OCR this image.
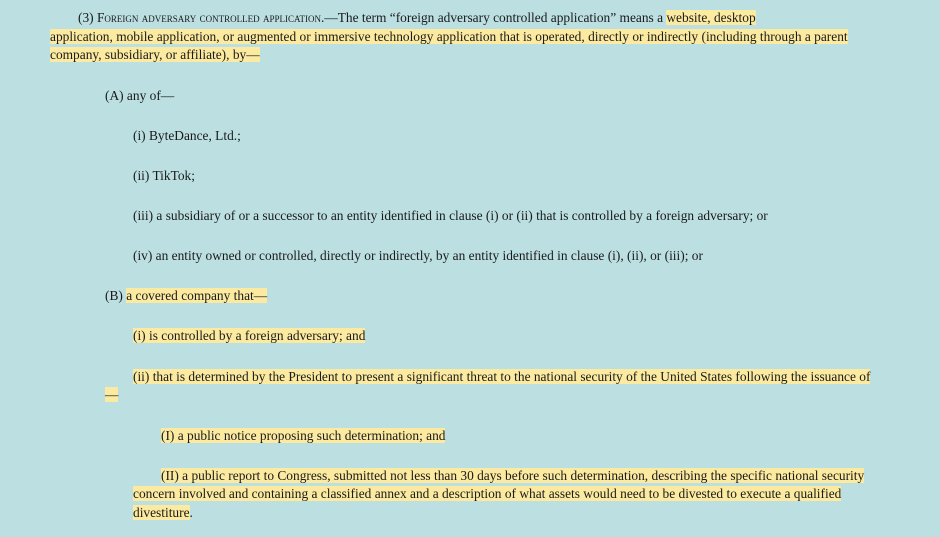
(3) Foreign adversary controlled application.—The term “foreign adversary controlled application” means a website, desktop
application, mobile application, or augmented or immersive technology application that is operated, directly or indirectly (including through a parent
company, subsidiary, or affiliate), by—
(A) any of—
(i) ByteDance, Ltd.;
(ii) TikTok;
(iii) a subsidiary of or a successor to an entity identified in clause (i) or (ii) that is controlled by a foreign adversary; or
(iv) an entity owned or controlled, directly or indirectly, by an entity identified in clause (i), (ii), or (iii); or
(B) a covered company that—
(i) is controlled by a foreign adversary; and
(ii) that is determined by the President to present a significant threat to the national security of the United States following the issuance of
—
(I) a public notice proposing such determination; and
(II) a public report to Congress, submitted not less than 30 days before such determination, describing the specific national security
concern involved and containing a classified annex and a description of what assets would need to be divested to execute a qualified
divestiture.
